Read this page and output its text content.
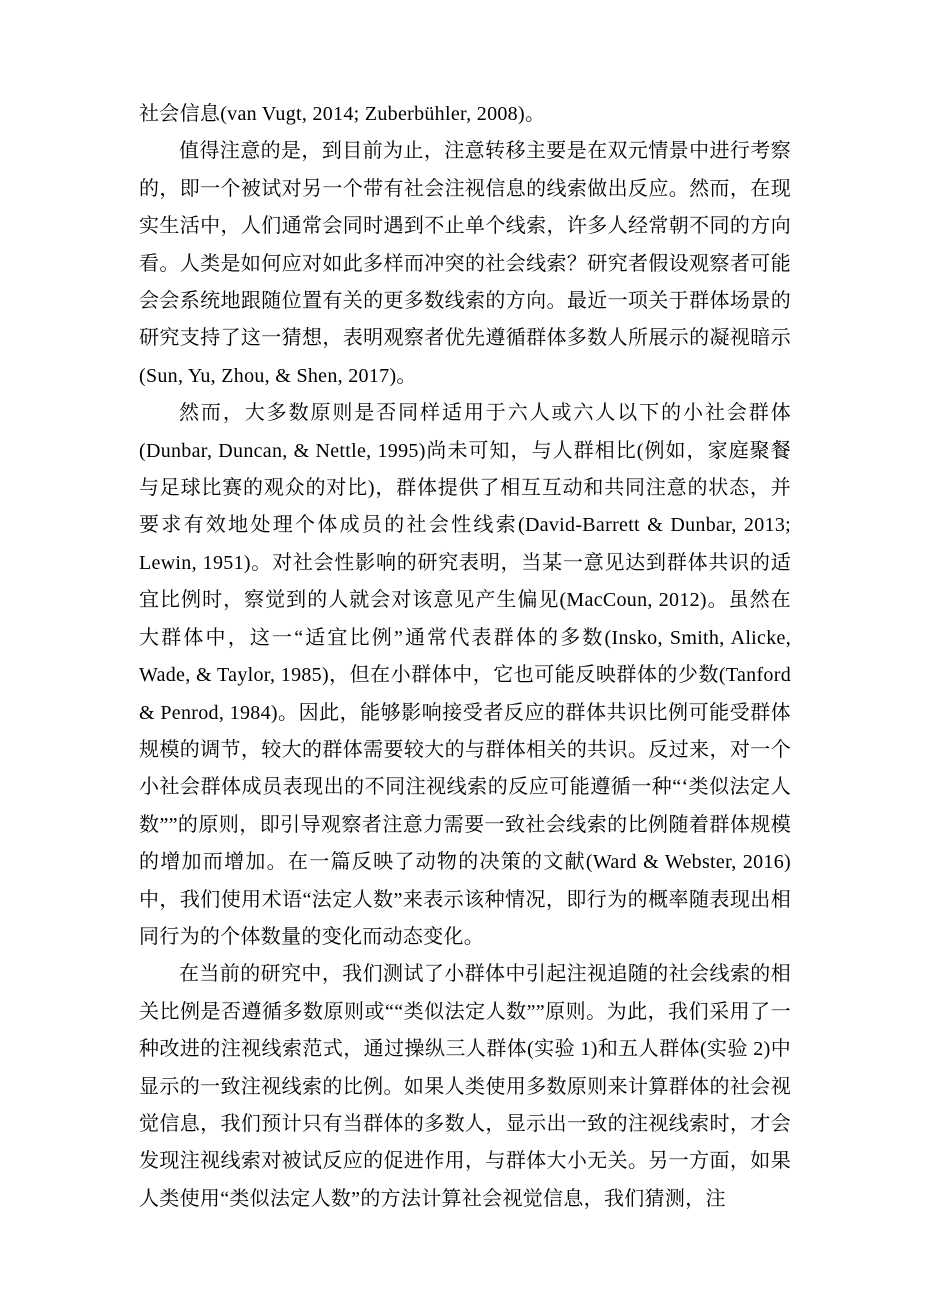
社会信息(van Vugt, 2014; Zuberbühler, 2008)。

值得注意的是，到目前为止，注意转移主要是在双元情景中进行考察的，即一个被试对另一个带有社会注视信息的线索做出反应。然而，在现实生活中，人们通常会同时遇到不止单个线索，许多人经常朝不同的方向看。人类是如何应对如此多样而冲突的社会线索？研究者假设观察者可能会会系统地跟随位置有关的更多数线索的方向。最近一项关于群体场景的研究支持了这一猜想，表明观察者优先遵循群体多数人所展示的凝视暗示(Sun, Yu, Zhou, & Shen, 2017)。

然而，大多数原则是否同样适用于六人或六人以下的小社会群体(Dunbar, Duncan, & Nettle, 1995)尚未可知，与人群相比(例如，家庭聚餐与足球比赛的观众的对比)，群体提供了相互互动和共同注意的状态，并要求有效地处理个体成员的社会性线索(David-Barrett & Dunbar, 2013; Lewin, 1951)。对社会性影响的研究表明，当某一意见达到群体共识的适宜比例时，察觉到的人就会对该意见产生偏见(MacCoun, 2012)。虽然在大群体中，这一“适宜比例”通常代表群体的多数(Insko, Smith, Alicke, Wade, & Taylor, 1985)，但在小群体中，它也可能反映群体的少数(Tanford & Penrod, 1984)。因此，能够影响接受者反应的群体共识比例可能受群体规模的调节，较大的群体需要较大的与群体相关的共识。反过来，对一个小社会群体成员表现出的不同注视线索的反应可能遵循一种“‘类似法定人数””的原则，即引导观察者注意力需要一致社会线索的比例随着群体规模的增加而增加。在一篇反映了动物的决策的文献(Ward & Webster, 2016)中，我们使用术语“法定人数”来表示该种情况，即行为的概率随表现出相同行为的个体数量的变化而动态变化。

在当前的研究中，我们测试了小群体中引起注视追随的社会线索的相关比例是否遵循多数原则或““类似法定人数””原则。为此，我们采用了一种改进的注视线索范式，通过操纵三人群体(实验 1)和五人群体(实验 2)中显示的一致注视线索的比例。如果人类使用多数原则来计算群体的社会视觉信息，我们预计只有当群体的多数人，显示出一致的注视线索时，才会发现注视线索对被试反应的促进作用，与群体大小无关。另一方面，如果人类使用“类似法定人数”的方法计算社会视觉信息，我们猜测，注
